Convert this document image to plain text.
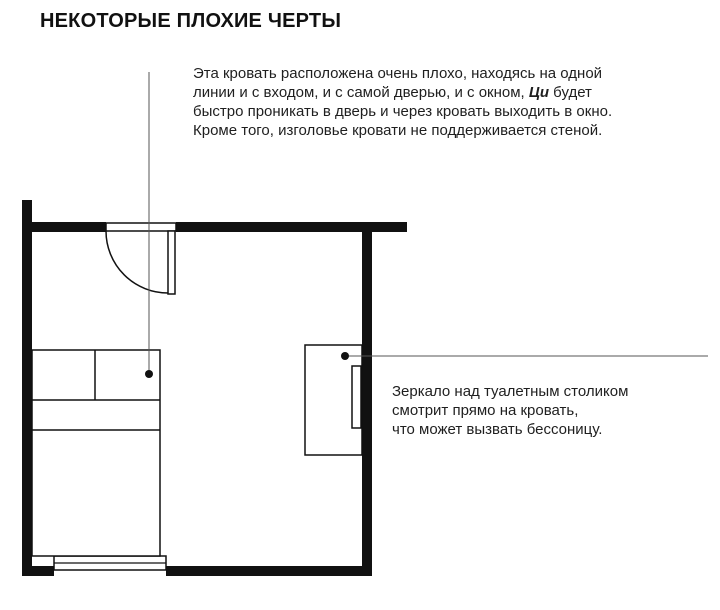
НЕКОТОРЫЕ ПЛОХИЕ ЧЕРТЫ
Эта кровать расположена очень плохо, находясь на одной
линии и с входом, и с самой дверью, и с окном, Ци будет
быстро проникать в дверь и через кровать выходить в окно.
Кроме того, изголовье кровати не поддерживается стеной.
Зеркало над туалетным столиком
смотрит прямо на кровать,
что может вызвать бессоницу.
